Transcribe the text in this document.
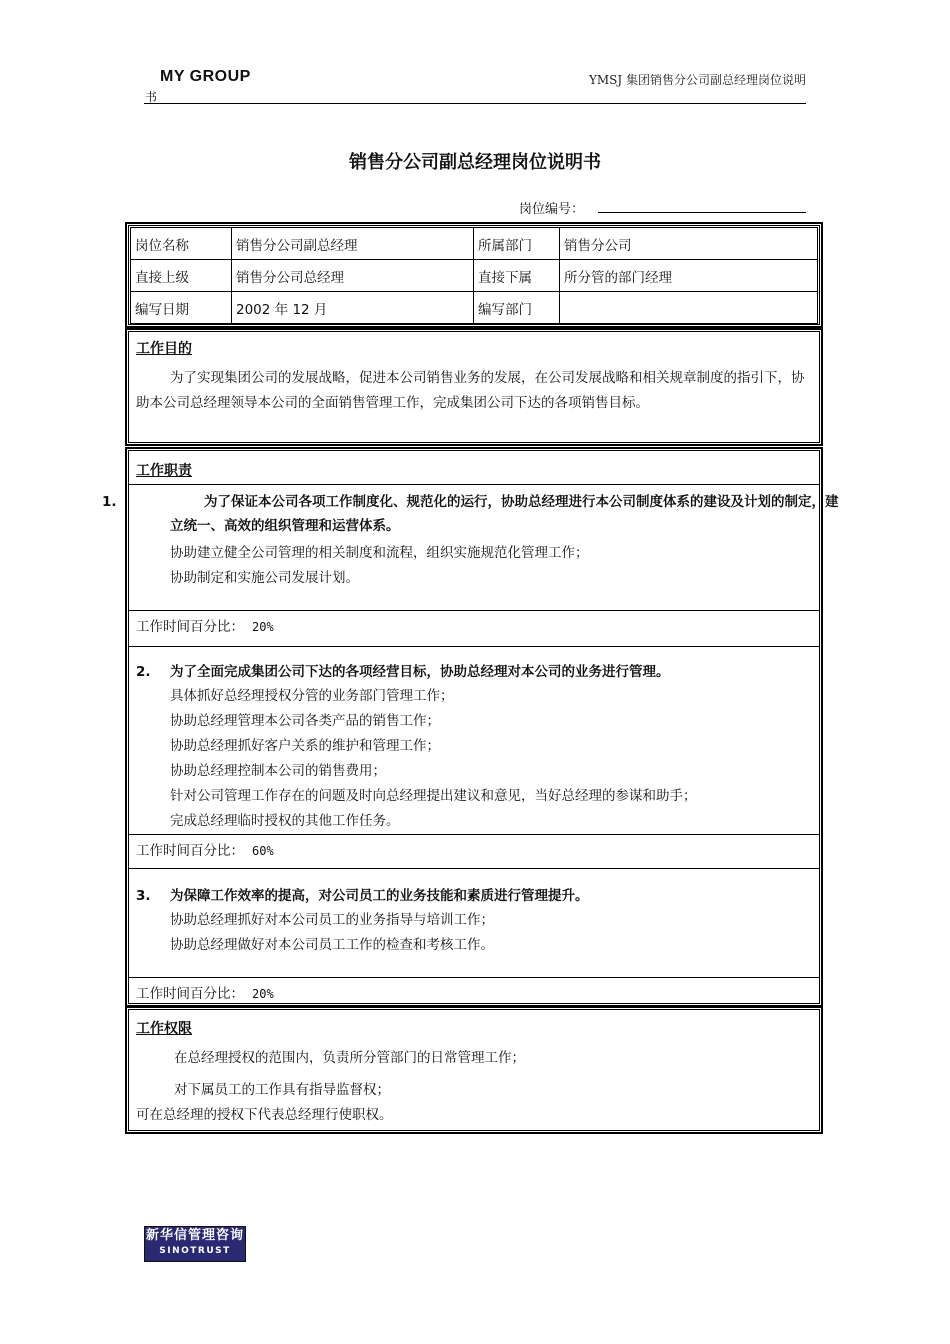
MY GROUP
书
YMSJ 集团销售分公司副总经理岗位说明
销售分公司副总经理岗位说明书
岗位编号：
岗位名称	销售分公司副总经理	所属部门	销售分公司
直接上级	销售分公司总经理	直接下属	所分管的部门经理
编写日期	2002 年 12 月	编写部门	
工作目的
为了实现集团公司的发展战略，促进本公司销售业务的发展，在公司发展战略和相关规章制度的指引下，协助本公司总经理领导本公司的全面销售管理工作，完成集团公司下达的各项销售目标。
工作职责
1.	为了保证本公司各项工作制度化、规范化的运行，协助总经理进行本公司制度体系的建设及计划的制定，建立统一、高效的组织管理和运营体系。
协助建立健全公司管理的相关制度和流程，组织实施规范化管理工作；
协助制定和实施公司发展计划。
工作时间百分比： 20%
2. 为了全面完成集团公司下达的各项经营目标，协助总经理对本公司的业务进行管理。
具体抓好总经理授权分管的业务部门管理工作；
协助总经理管理本公司各类产品的销售工作；
协助总经理抓好客户关系的维护和管理工作；
协助总经理控制本公司的销售费用；
针对公司管理工作存在的问题及时向总经理提出建议和意见，当好总经理的参谋和助手；
完成总经理临时授权的其他工作任务。
工作时间百分比： 60%
3. 为保障工作效率的提高，对公司员工的业务技能和素质进行管理提升。
协助总经理抓好对本公司员工的业务指导与培训工作；
协助总经理做好对本公司员工工作的检查和考核工作。
工作时间百分比： 20%
工作权限
在总经理授权的范围内，负责所分管部门的日常管理工作；
对下属员工的工作具有指导监督权；
可在总经理的授权下代表总经理行使职权。
新华信管理咨询
SINOTRUST
